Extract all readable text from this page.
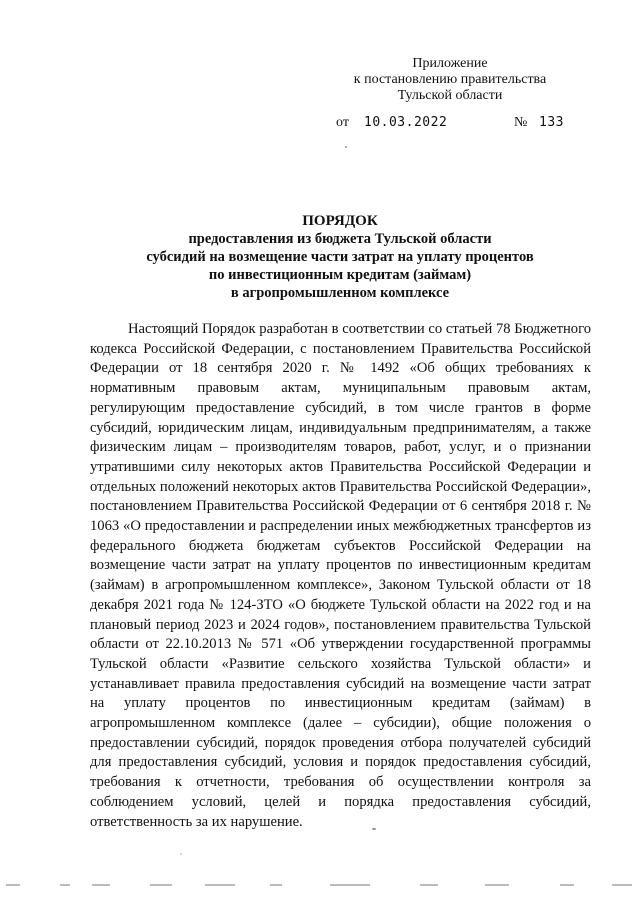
Приложение
к постановлению правительства
Тульской области
от 10.03.2022	№ 133
ПОРЯДОК
предоставления из бюджета Тульской области
субсидий на возмещение части затрат на уплату процентов
по инвестиционным кредитам (займам)
в агропромышленном комплексе
Настоящий Порядок разработан в соответствии со статьей 78 Бюджетного кодекса Российской Федерации, с постановлением Правительства Российской Федерации от 18 сентября 2020 г. № 1492 «Об общих требованиях к нормативным правовым актам, муниципальным правовым актам, регулирующим предоставление субсидий, в том числе грантов в форме субсидий, юридическим лицам, индивидуальным предпринимателям, а также физическим лицам – производителям товаров, работ, услуг, и о признании утратившими силу некоторых актов Правительства Российской Федерации и отдельных положений некоторых актов Правительства Российской Федерации», постановлением Правительства Российской Федерации от 6 сентября 2018 г. № 1063 «О предоставлении и распределении иных межбюджетных трансфертов из федерального бюджета бюджетам субъектов Российской Федерации на возмещение части затрат на уплату процентов по инвестиционным кредитам (займам) в агропромышленном комплексе», Законом Тульской области от 18 декабря 2021 года № 124-ЗТО «О бюджете Тульской области на 2022 год и на плановый период 2023 и 2024 годов», постановлением правительства Тульской области от 22.10.2013 № 571 «Об утверждении государственной программы Тульской области «Развитие сельского хозяйства Тульской области» и устанавливает правила предоставления субсидий на возмещение части затрат на уплату процентов по инвестиционным кредитам (займам) в агропромышленном комплексе (далее – субсидии), общие положения о предоставлении субсидий, порядок проведения отбора получателей субсидий для предоставления субсидий, условия и порядок предоставления субсидий, требования к отчетности, требования об осуществлении контроля за соблюдением условий, целей и порядка предоставления субсидий, ответственность за их нарушение.
